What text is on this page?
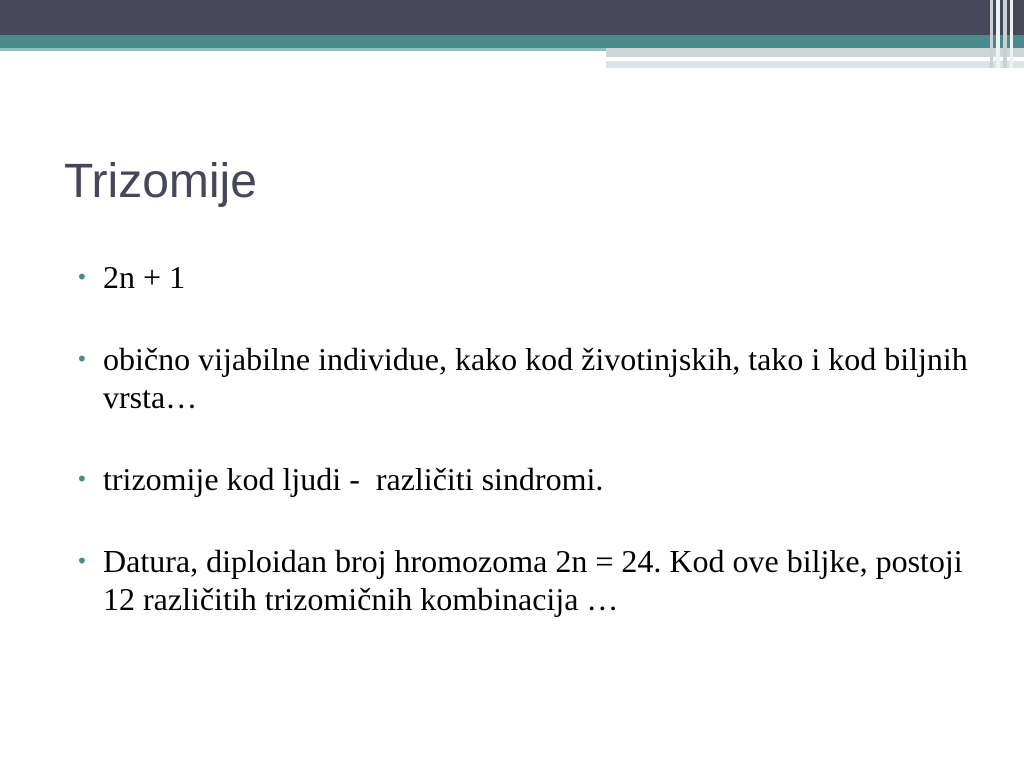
Trizomije
• 2n + 1
• obično vijabilne individue, kako kod životinjskih, tako i kod biljnih vrsta…
• trizomije kod ljudi -  različiti sindromi.
• Datura, diploidan broj hromozoma 2n = 24. Kod ove biljke, postoji 12 različitih trizomičnih kombinacija …
